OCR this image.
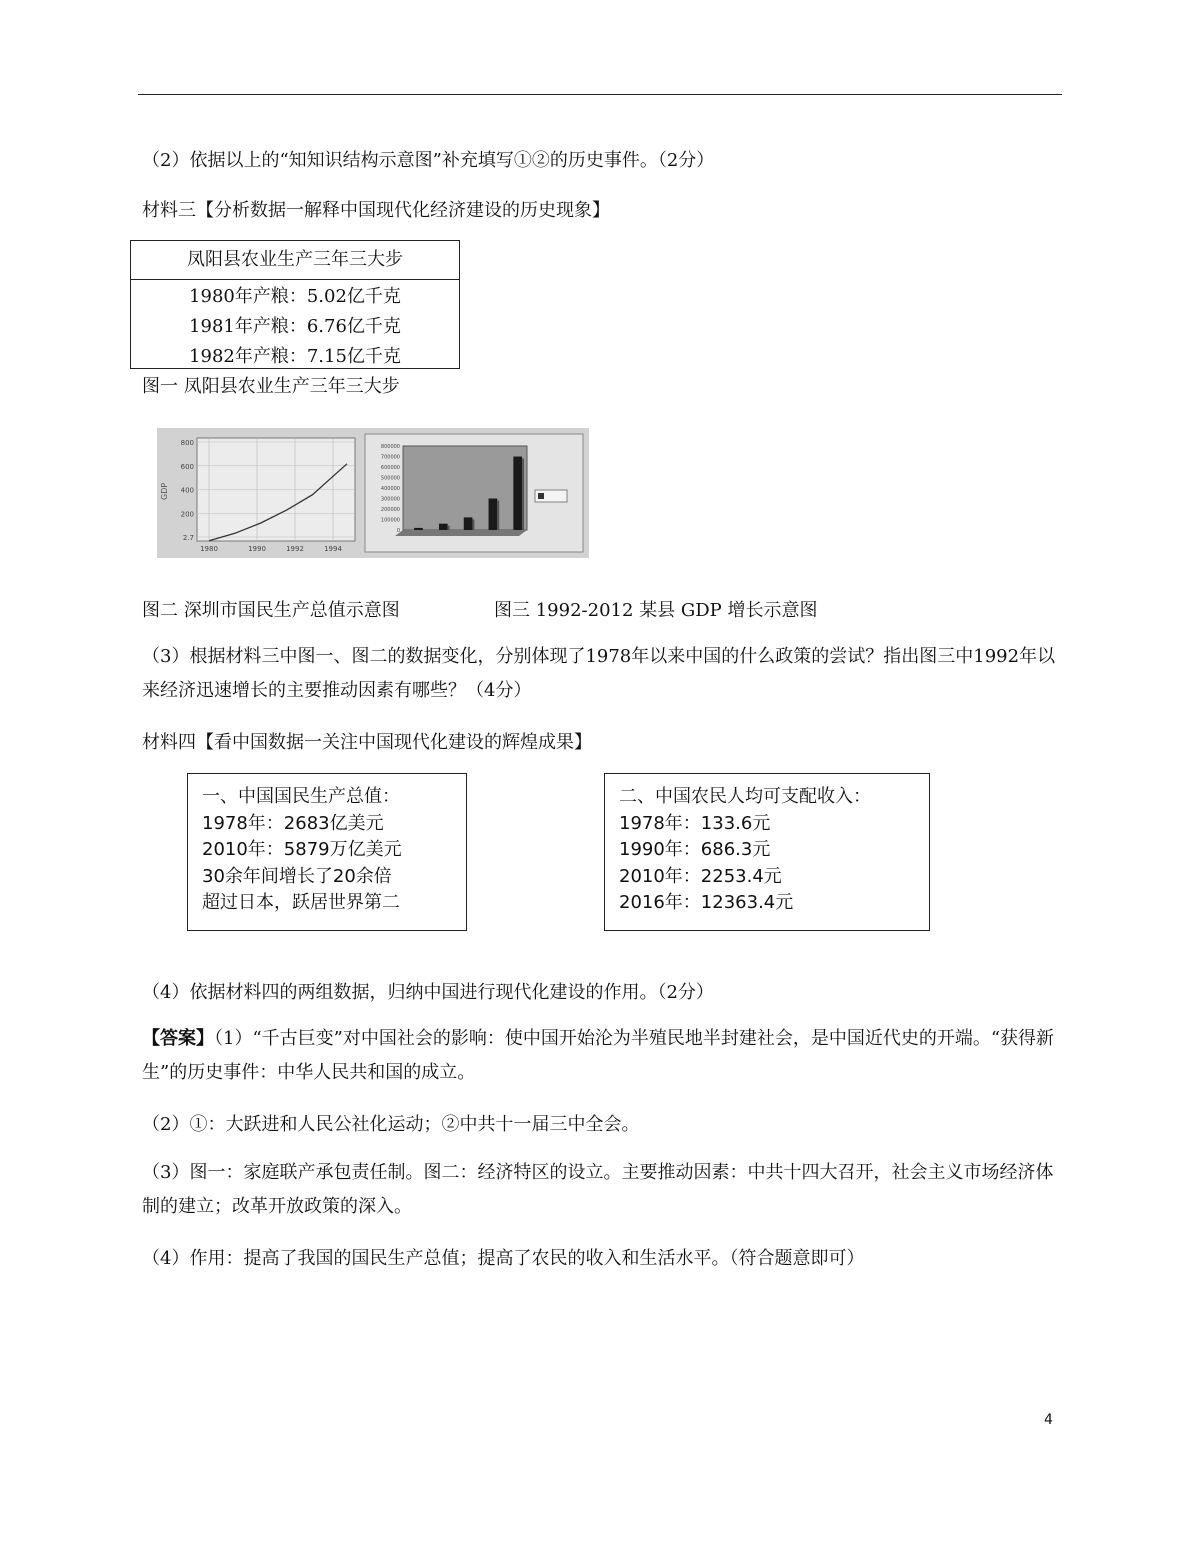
（2）依据以上的“知知识结构示意图”补充填写①②的历史事件。（2分）
材料三【分析数据一解释中国现代化经济建设的历史现象】
凤阳县农业生产三年三大步
1980年产粮：5.02亿千克
1981年产粮：6.76亿千克
1982年产粮：7.15亿千克
图一 凤阳县农业生产三年三大步
GDP
800
600
400
200
2.7
1980	1990	1992	1994
800000
700000
600000
500000
400000
300000
200000
100000
0
图二 深圳市国民生产总值示意图	图三 1992-2012 某县 GDP 增长示意图
（3）根据材料三中图一、图二的数据变化，分别体现了1978年以来中国的什么政策的尝试？指出图三中1992年以来经济迅速增长的主要推动因素有哪些？（4分）
材料四【看中国数据一关注中国现代化建设的辉煌成果】
一、中国国民生产总值：
1978年：2683亿美元
2010年：5879万亿美元
30余年间增长了20余倍
超过日本，跃居世界第二
二、中国农民人均可支配收入：
1978年：133.6元
1990年：686.3元
2010年：2253.4元
2016年：12363.4元
（4）依据材料四的两组数据，归纳中国进行现代化建设的作用。（2分）
【答案】（1）“千古巨变”对中国社会的影响：使中国开始沦为半殖民地半封建社会，是中国近代史的开端。“获得新生”的历史事件：中华人民共和国的成立。
（2）①：大跃进和人民公社化运动；②中共十一届三中全会。
（3）图一：家庭联产承包责任制。图二：经济特区的设立。主要推动因素：中共十四大召开，社会主义市场经济体制的建立；改革开放政策的深入。
（4）作用：提高了我国的国民生产总值；提高了农民的收入和生活水平。（符合题意即可）
4
